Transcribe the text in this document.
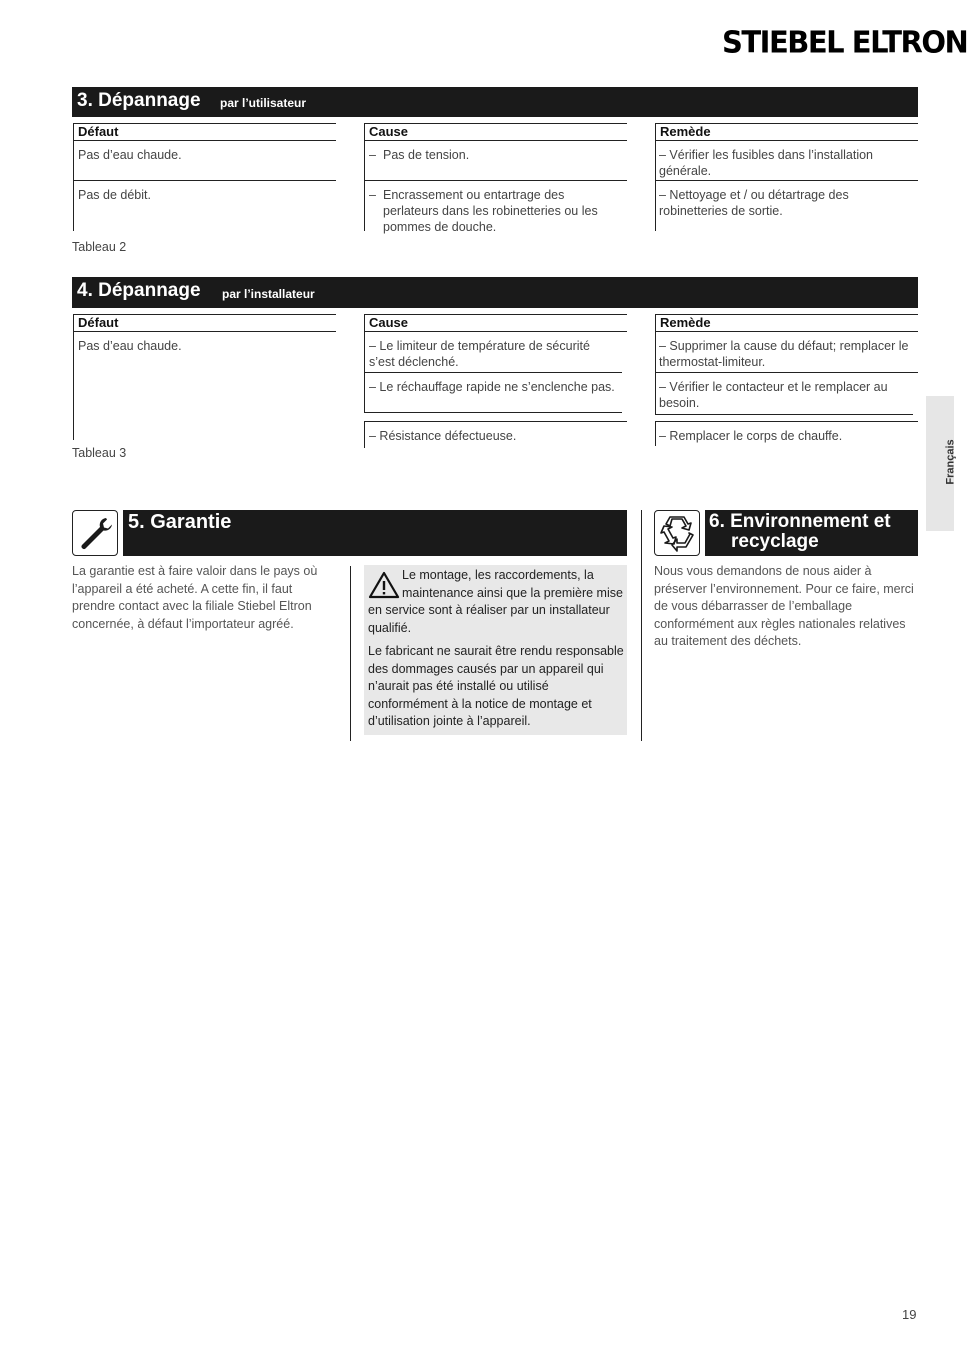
STIEBEL ELTRON
3. Dépannage par l’utilisateur
Défaut
Pas d’eau chaude.
Pas de débit.
Cause
– Pas de tension.
– Encrassement ou entartrage des perlateurs dans les robinetteries ou les pommes de douche.
Remède
– Vérifier les fusibles dans l’installation générale.
– Nettoyage et / ou détartrage des robinetteries de sortie.
Tableau 2
4. Dépannage par l’installateur
Défaut
Pas d’eau chaude.
Cause
– Le limiteur de température de sécurité s’est déclenché.
– Le réchauffage rapide ne s’enclenche pas.
– Résistance défectueuse.
Remède
– Supprimer la cause du défaut; remplacer le thermostat-limiteur.
– Vérifier le contacteur et le remplacer au besoin.
– Remplacer le corps de chauffe.
Tableau 3
5. Garantie
La garantie est à faire valoir dans le pays où l’appareil a été acheté. A cette fin, il faut prendre contact avec la filiale Stiebel Eltron concernée, à défaut l’importateur agréé.
Le montage, les raccordements, la maintenance ainsi que la première mise en service sont à réaliser par un installateur qualifié.
Le fabricant ne saurait être rendu responsable des dommages causés par un appareil qui n’aurait pas été installé ou utilisé conformément à la notice de montage et d’utilisation jointe à l’appareil.
6. Environnement et
recyclage
Nous vous demandons de nous aider à préserver l’environnement. Pour ce faire, merci de vous débarrasser de l’emballage conformément aux règles nationales relatives au traitement des déchets.
Français
19
